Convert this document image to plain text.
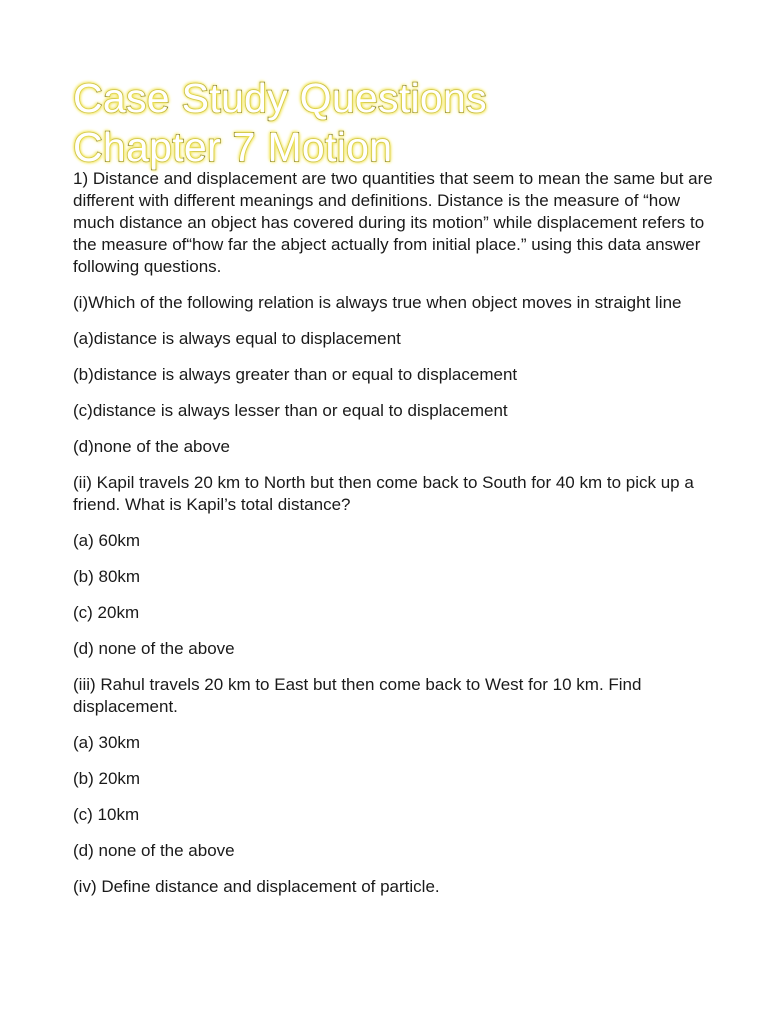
Case Study Questions
Chapter 7 Motion

1) Distance and displacement are two quantities that seem to mean the same but are different with different meanings and definitions. Distance is the measure of “how much distance an object has covered during its motion” while displacement refers to the measure of“how far the abject actually from initial place.” using this data answer following questions.

(i)Which of the following relation is always true when object moves in straight line

(a)distance is always equal to displacement

(b)distance is always greater than or equal to displacement

(c)distance is always lesser than or equal to displacement

(d)none of the above

(ii) Kapil travels 20 km to North but then come back to South for 40 km to pick up a friend. What is Kapil’s total distance?

(a) 60km

(b) 80km

(c) 20km

(d) none of the above

(iii) Rahul travels 20 km to East but then come back to West for 10 km. Find displacement.

(a) 30km

(b) 20km

(c) 10km

(d) none of the above

(iv) Define distance and displacement of particle.
